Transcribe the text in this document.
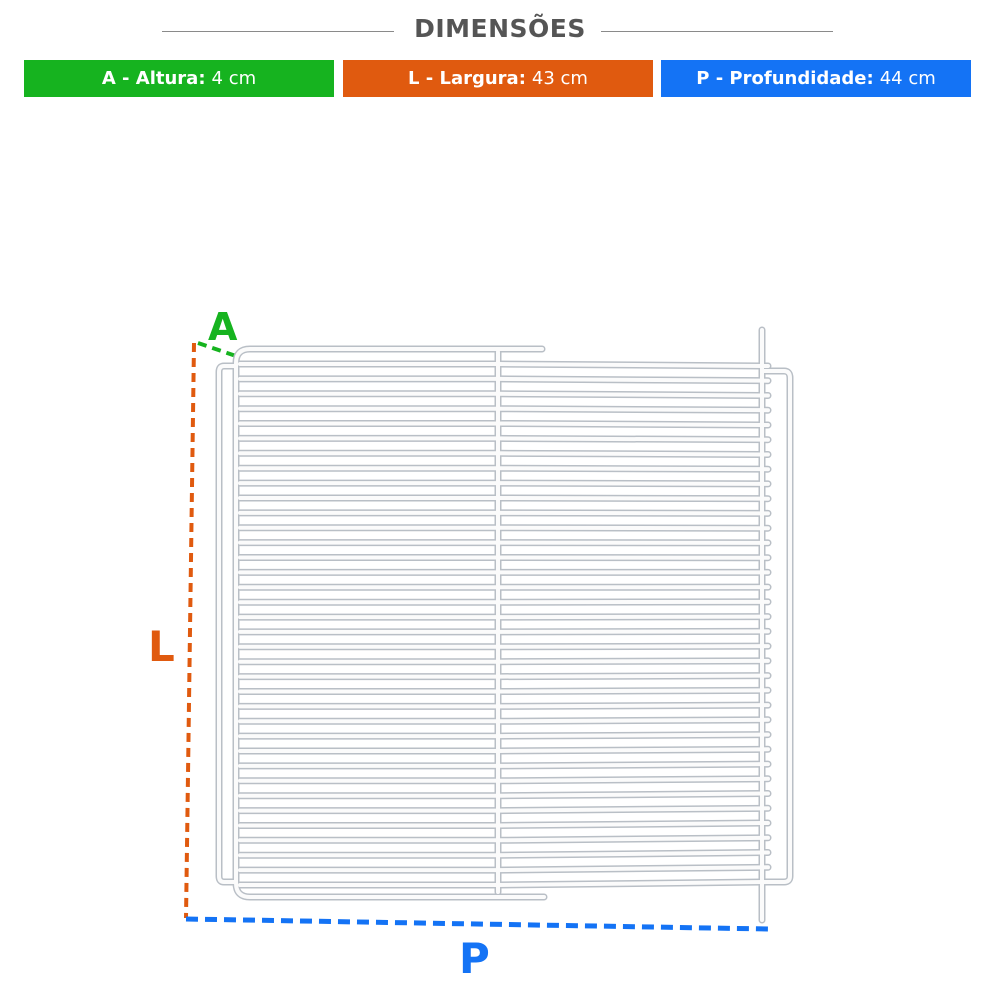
DIMENSÕES
A - Altura: 4 cm	L - Largura: 43 cm	P - Profundidade: 44 cm
A
L
P
